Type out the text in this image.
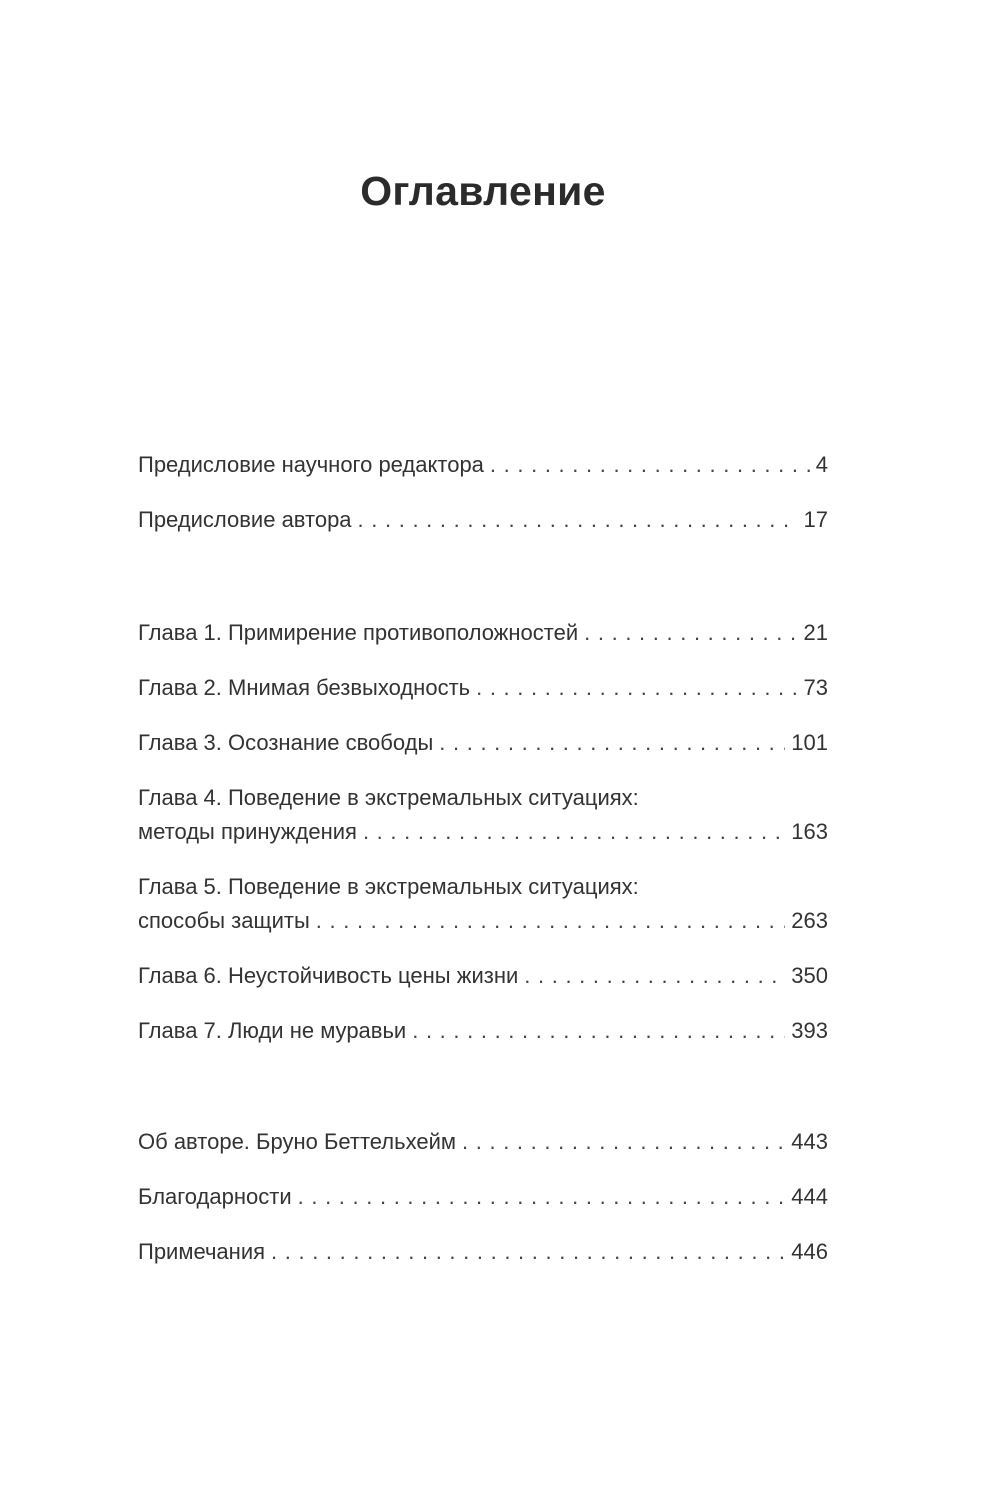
Оглавление
Предисловие научного редактора . . .	4
Предисловие автора . . .	17
Глава 1. Примирение противоположностей . . .	21
Глава 2. Мнимая безвыходность . . .	73
Глава 3. Осознание свободы . . .	101
Глава 4. Поведение в экстремальных ситуациях:
методы принуждения . . .	163
Глава 5. Поведение в экстремальных ситуациях:
способы защиты . . .	263
Глава 6. Неустойчивость цены жизни . . .	350
Глава 7. Люди не муравьи . . .	393
Об авторе. Бруно Беттельхейм . . .	443
Благодарности . . .	444
Примечания . . .	446
